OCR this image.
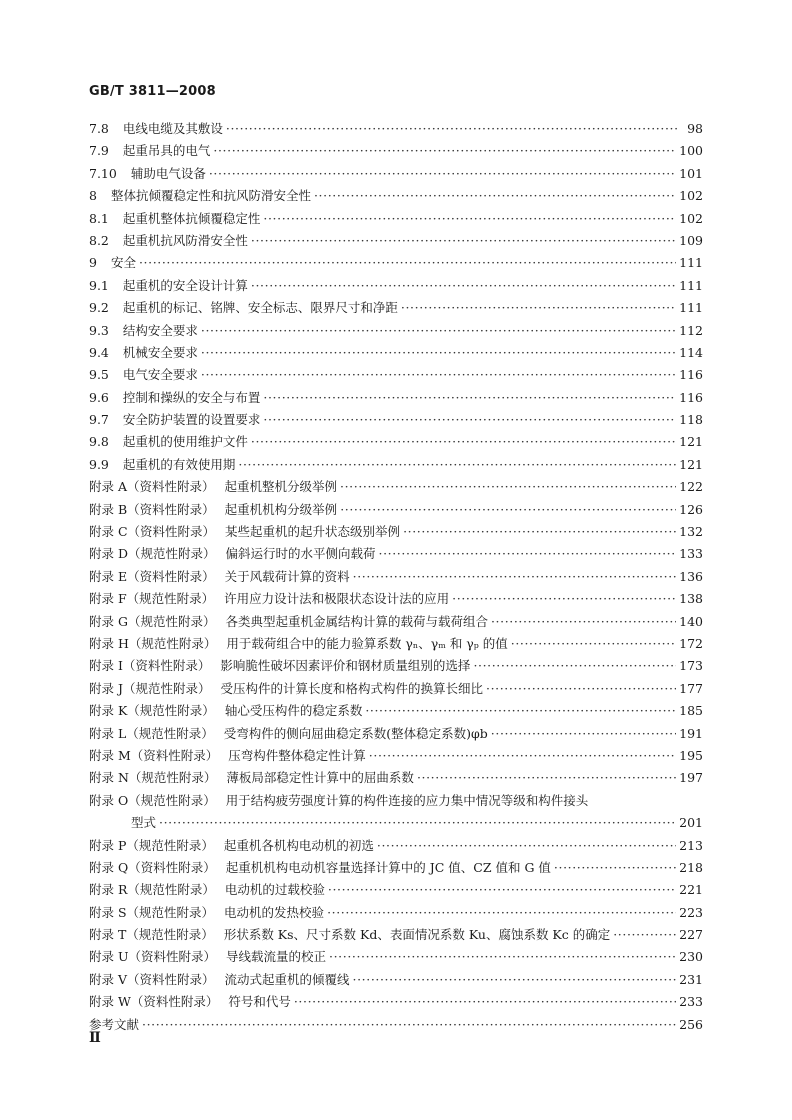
GB/T 3811—2008
7.8 电线电缆及其敷设 ·····	98
7.9 起重吊具的电气 ·····	100
7.10 辅助电气设备 ·····	101
8 整体抗倾覆稳定性和抗风防滑安全性 ·····	102
8.1 起重机整体抗倾覆稳定性 ·····	102
8.2 起重机抗风防滑安全性 ·····	109
9 安全 ·····	111
9.1 起重机的安全设计计算 ·····	111
9.2 起重机的标记、铭牌、安全标志、限界尺寸和净距 ·····	111
9.3 结构安全要求 ·····	112
9.4 机械安全要求 ·····	114
9.5 电气安全要求 ·····	116
9.6 控制和操纵的安全与布置 ·····	116
9.7 安全防护装置的设置要求 ·····	118
9.8 起重机的使用维护文件 ·····	121
9.9 起重机的有效使用期 ·····	121
附录 A（资料性附录） 起重机整机分级举例 ·····	122
附录 B（资料性附录） 起重机机构分级举例 ·····	126
附录 C（资料性附录） 某些起重机的起升状态级别举例 ·····	132
附录 D（规范性附录） 偏斜运行时的水平侧向载荷 ·····	133
附录 E（资料性附录） 关于风载荷计算的资料 ·····	136
附录 F（规范性附录） 许用应力设计法和极限状态设计法的应用 ·····	138
附录 G（规范性附录） 各类典型起重机金属结构计算的载荷与载荷组合 ·····	140
附录 H（规范性附录） 用于载荷组合中的能力验算系数 γₙ、γₘ 和 γₚ 的值 ·····	172
附录 I（资料性附录） 影响脆性破坏因素评价和钢材质量组别的选择 ·····	173
附录 J（规范性附录） 受压构件的计算长度和格构式构件的换算长细比 ·····	177
附录 K（规范性附录） 轴心受压构件的稳定系数 ·····	185
附录 L（规范性附录） 受弯构件的侧向屈曲稳定系数(整体稳定系数)φb ·····	191
附录 M（资料性附录） 压弯构件整体稳定性计算 ·····	195
附录 N（规范性附录） 薄板局部稳定性计算中的屈曲系数 ·····	197
附录 O（规范性附录） 用于结构疲劳强度计算的构件连接的应力集中情况等级和构件接头
型式 ·····	201
附录 P（规范性附录） 起重机各机构电动机的初选 ·····	213
附录 Q（资料性附录） 起重机机构电动机容量选择计算中的 JC 值、CZ 值和 G 值 ·····	218
附录 R（规范性附录） 电动机的过载校验 ·····	221
附录 S（规范性附录） 电动机的发热校验 ·····	223
附录 T（规范性附录） 形状系数 Ks、尺寸系数 Kd、表面情况系数 Ku、腐蚀系数 Kc 的确定 ·····	227
附录 U（资料性附录） 导线载流量的校正 ·····	230
附录 V（资料性附录） 流动式起重机的倾覆线 ·····	231
附录 W（资料性附录） 符号和代号 ·····	233
参考文献 ·····	256
Ⅱ
